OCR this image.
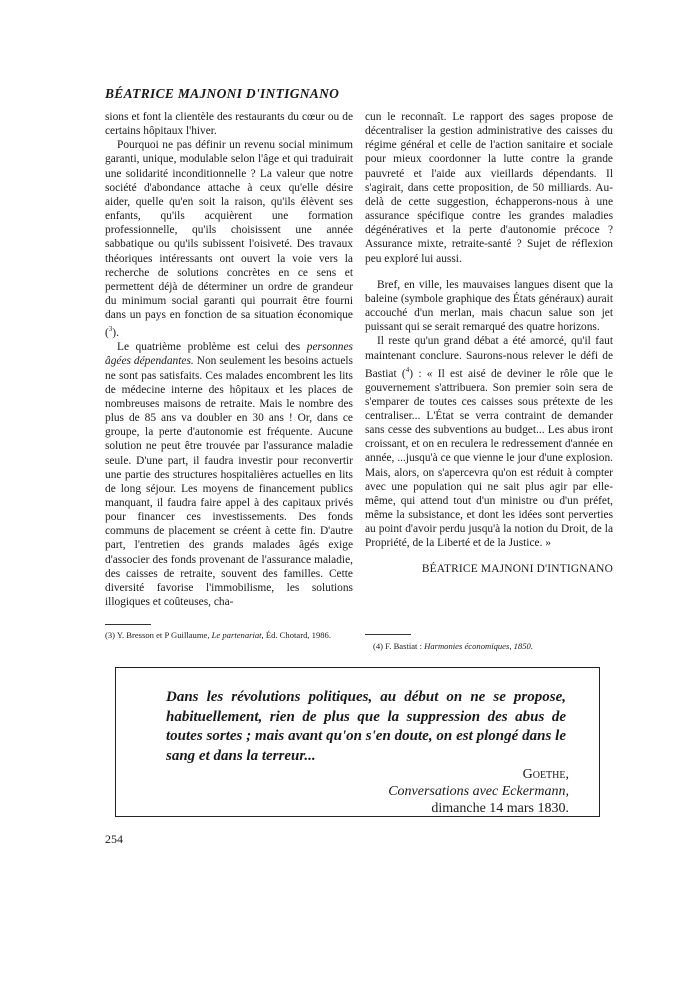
BÉATRICE MAJNONI D'INTIGNANO

sions et font la clientèle des restaurants du cœur ou de certains hôpitaux l'hiver.

Pourquoi ne pas définir un revenu social minimum garanti, unique, modulable selon l'âge et qui traduirait une solidarité inconditionnelle ? La valeur que notre société d'abondance attache à ceux qu'elle désire aider, quelle qu'en soit la raison, qu'ils élèvent ses enfants, qu'ils acquièrent une formation professionnelle, qu'ils choisissent une année sabbatique ou qu'ils subissent l'oisiveté. Des travaux théoriques intéressants ont ouvert la voie vers la recherche de solutions concrètes en ce sens et permettent déjà de déterminer un ordre de grandeur du minimum social garanti qui pourrait être fourni dans un pays en fonction de sa situation économique ($^3$).

Le quatrième problème est celui des personnes âgées dépendantes. Non seulement les besoins actuels ne sont pas satisfaits. Ces malades encombrent les lits de médecine interne des hôpitaux et les places de nombreuses maisons de retraite. Mais le nombre des plus de 85 ans va doubler en 30 ans ! Or, dans ce groupe, la perte d'autonomie est fréquente. Aucune solution ne peut être trouvée par l'assurance maladie seule. D'une part, il faudra investir pour reconvertir une partie des structures hospitalières actuelles en lits de long séjour. Les moyens de financement publics manquant, il faudra faire appel à des capitaux privés pour financer ces investissements. Des fonds communs de placement se créent à cette fin. D'autre part, l'entretien des grands malades âgés exige d'associer des fonds provenant de l'assurance maladie, des caisses de retraite, souvent des familles. Cette diversité favorise l'immobilisme, les solutions illogiques et coûteuses, cha-

cun le reconnaît. Le rapport des sages propose de décentraliser la gestion administrative des caisses du régime général et celle de l'action sanitaire et sociale pour mieux coordonner la lutte contre la grande pauvreté et l'aide aux vieillards dépendants. Il s'agirait, dans cette proposition, de 50 milliards. Au-delà de cette suggestion, échapperons-nous à une assurance spécifique contre les grandes maladies dégénératives et la perte d'autonomie précoce ? Assurance mixte, retraite-santé ? Sujet de réflexion peu exploré lui aussi.

Bref, en ville, les mauvaises langues disent que la baleine (symbole graphique des États généraux) aurait accouché d'un merlan, mais chacun salue son jet puissant qui se serait remarqué des quatre horizons.

Il reste qu'un grand débat a été amorcé, qu'il faut maintenant conclure. Saurons-nous relever le défi de Bastiat ($^4$) : « Il est aisé de deviner le rôle que le gouvernement s'attribuera. Son premier soin sera de s'emparer de toutes ces caisses sous prétexte de les centraliser... L'État se verra contraint de demander sans cesse des subventions au budget... Les abus iront croissant, et on en reculera le redressement d'année en année, ...jusqu'à ce que vienne le jour d'une explosion. Mais, alors, on s'apercevra qu'on est réduit à compter avec une population qui ne sait plus agir par elle-même, qui attend tout d'un ministre ou d'un préfet, même la subsistance, et dont les idées sont perverties au point d'avoir perdu jusqu'à la notion du Droit, de la Propriété, de la Liberté et de la Justice. »

BÉATRICE MAJNONI D'INTIGNANO
(3) Y. Bresson et P Guillaume, Le partenariat, Éd. Chotard, 1986.
(4) F. Bastiat : Harmonies économiques, 1850.
Dans les révolutions politiques, au début on ne se propose, habituellement, rien de plus que la suppression des abus de toutes sortes ; mais avant qu'on s'en doute, on est plongé dans le sang et dans la terreur...
Goethe,
Conversations avec Eckermann,
dimanche 14 mars 1830.
254
